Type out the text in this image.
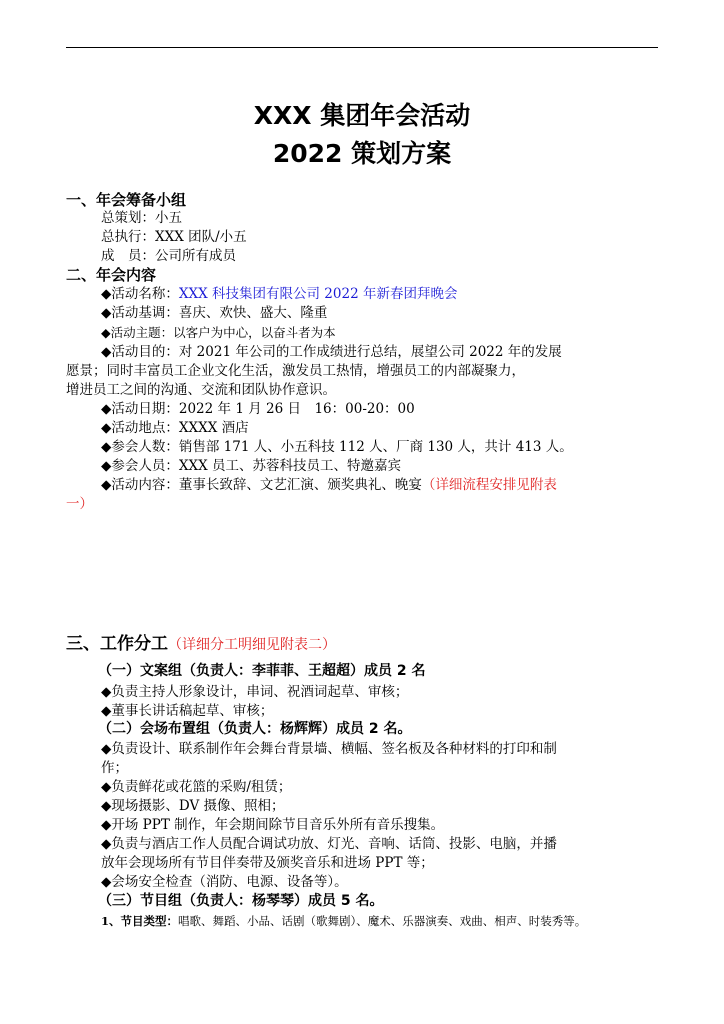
XXX 集团年会活动
2022 策划方案
一、年会筹备小组
总策划：小五
总执行：XXX 团队/小五
成　员：公司所有成员
二、年会内容
◆活动名称：XXX 科技集团有限公司 2022 年新春团拜晚会
◆活动基调：喜庆、欢快、盛大、隆重
◆活动主题：以客户为中心，以奋斗者为本
◆活动目的：对 2021 年公司的工作成绩进行总结，展望公司 2022 年的发展
愿景；同时丰富员工企业文化生活，激发员工热情，增强员工的内部凝聚力，
增进员工之间的沟通、交流和团队协作意识。
◆活动日期：2022 年 1 月 26 日　16：00-20：00
◆活动地点：XXXX 酒店
◆参会人数：销售部 171 人、小五科技 112 人、厂商 130 人，共计 413 人。
◆参会人员：XXX 员工、苏蓉科技员工、特邀嘉宾
◆活动内容：董事长致辞、文艺汇演、颁奖典礼、晚宴（详细流程安排见附表
一）
三、工作分工（详细分工明细见附表二）
（一）文案组（负责人：李菲菲、王超超）成员 2 名
◆负责主持人形象设计，串词、祝酒词起草、审核；
◆董事长讲话稿起草、审核；
（二）会场布置组（负责人：杨辉辉）成员 2 名。
◆负责设计、联系制作年会舞台背景墙、横幅、签名板及各种材料的打印和制
作；
◆负责鲜花或花篮的采购/租赁；
◆现场摄影、DV 摄像、照相；
◆开场 PPT 制作，年会期间除节目音乐外所有音乐搜集。
◆负责与酒店工作人员配合调试功放、灯光、音响、话筒、投影、电脑，并播
放年会现场所有节目伴奏带及颁奖音乐和进场 PPT 等；
◆会场安全检查（消防、电源、设备等）。
（三）节目组（负责人：杨琴琴）成员 5 名。
1、节目类型：唱歌、舞蹈、小品、话剧（歌舞剧）、魔术、乐器演奏、戏曲、相声、时装秀等。
